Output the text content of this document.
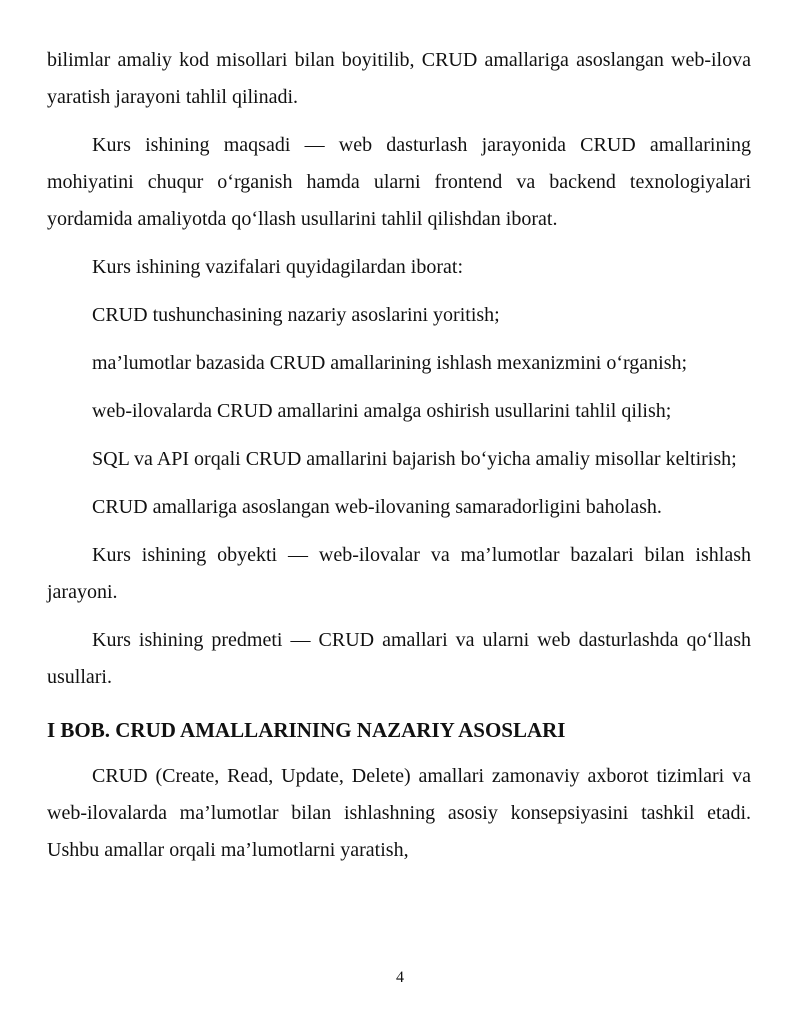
bilimlar amaliy kod misollari bilan boyitilib, CRUD amallariga asoslangan web-ilova yaratish jarayoni tahlil qilinadi.

Kurs ishining maqsadi — web dasturlash jarayonida CRUD amallarining mohiyatini chuqur o‘rganish hamda ularni frontend va backend texnologiyalari yordamida amaliyotda qo‘llash usullarini tahlil qilishdan iborat.

Kurs ishining vazifalari quyidagilardan iborat:

CRUD tushunchasining nazariy asoslarini yoritish;

ma’lumotlar bazasida CRUD amallarining ishlash mexanizmini o‘rganish;

web-ilovalarda CRUD amallarini amalga oshirish usullarini tahlil qilish;

SQL va API orqali CRUD amallarini bajarish bo‘yicha amaliy misollar keltirish;

CRUD amallariga asoslangan web-ilovaning samaradorligini baholash.

Kurs ishining obyekti — web-ilovalar va ma’lumotlar bazalari bilan ishlash jarayoni.

Kurs ishining predmeti — CRUD amallari va ularni web dasturlashda qo‘llash usullari.

I BOB. CRUD AMALLARINING NAZARIY ASOSLARI

CRUD (Create, Read, Update, Delete) amallari zamonaviy axborot tizimlari va web-ilovalarda ma’lumotlar bilan ishlashning asosiy konsepsiyasini tashkil etadi. Ushbu amallar orqali ma’lumotlarni yaratish,

4
